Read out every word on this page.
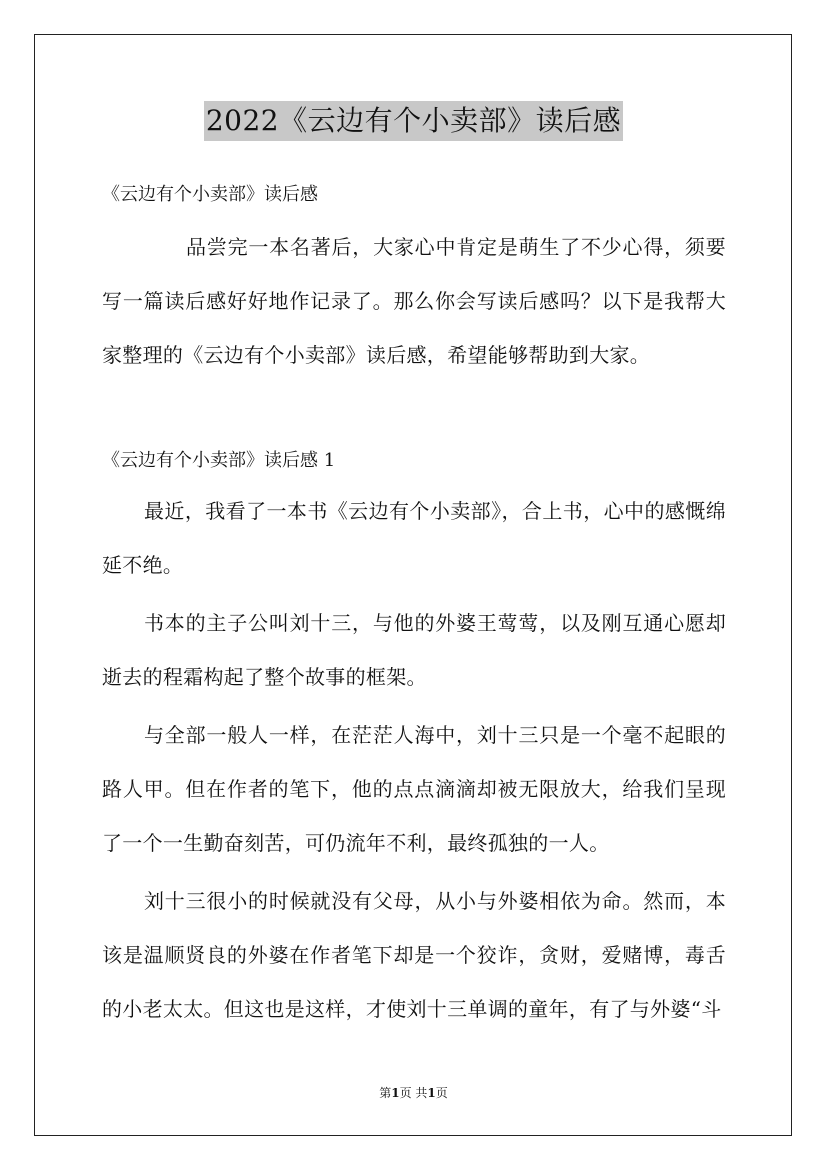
2022《云边有个小卖部》读后感

《云边有个小卖部》读后感

品尝完一本名著后，大家心中肯定是萌生了不少心得，须要写一篇读后感好好地作记录了。那么你会写读后感吗？以下是我帮大家整理的《云边有个小卖部》读后感，希望能够帮助到大家。

《云边有个小卖部》读后感 1

最近，我看了一本书《云边有个小卖部》，合上书，心中的感慨绵延不绝。

书本的主子公叫刘十三，与他的外婆王莺莺，以及刚互通心愿却逝去的程霜构起了整个故事的框架。

与全部一般人一样，在茫茫人海中，刘十三只是一个毫不起眼的路人甲。但在作者的笔下，他的点点滴滴却被无限放大，给我们呈现了一个一生勤奋刻苦，可仍流年不利，最终孤独的一人。

刘十三很小的时候就没有父母，从小与外婆相依为命。然而，本该是温顺贤良的外婆在作者笔下却是一个狡诈，贪财，爱赌博，毒舌的小老太太。但这也是这样，才使刘十三单调的童年，有了与外婆“斗

第1页 共1页
